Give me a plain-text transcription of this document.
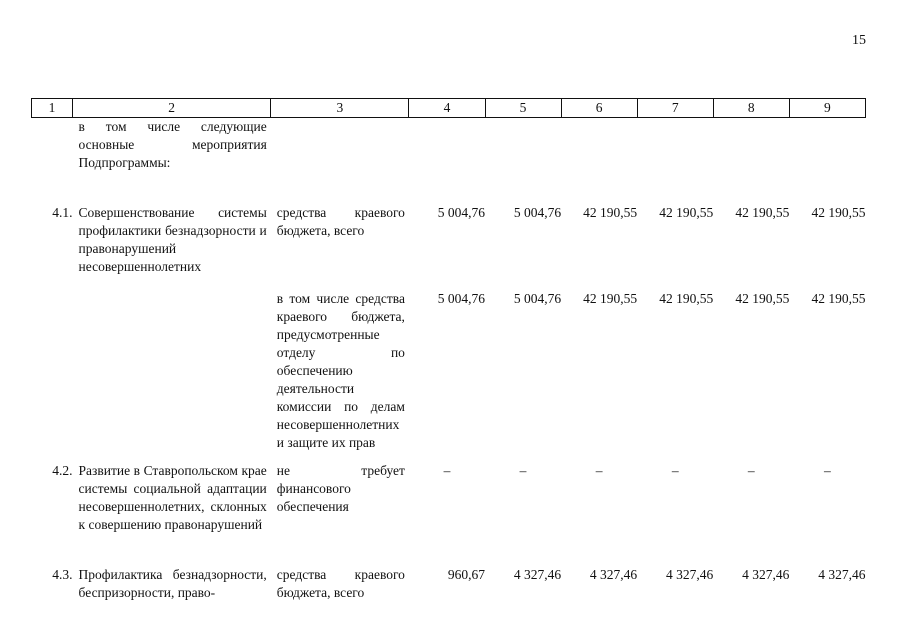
15
1	2	3	4	5	6	7	8	9

	в том числе следующие основные мероприятия Подпрограммы:							

4.1.	Совершенствование системы профилактики безнадзорности и правонарушений несовершеннолетних	средства краевого бюджета, всего	5 004,76	5 004,76	42 190,55	42 190,55	42 190,55	42 190,55

		в том числе средства краевого бюджета, предусмотренные отделу по обеспечению деятельности комиссии по делам несовершеннолетних и защите их прав	5 004,76	5 004,76	42 190,55	42 190,55	42 190,55	42 190,55
4.2.	Развитие в Ставропольском крае системы социальной адаптации несовершеннолетних, склонных к совершению правонарушений	не требует финансового обеспечения	–	–	–	–	–	–
4.3.	Профилактика безнадзорности, беспризорности, право-	средства краевого бюджета, всего	960,67	4 327,46	4 327,46	4 327,46	4 327,46	4 327,46
